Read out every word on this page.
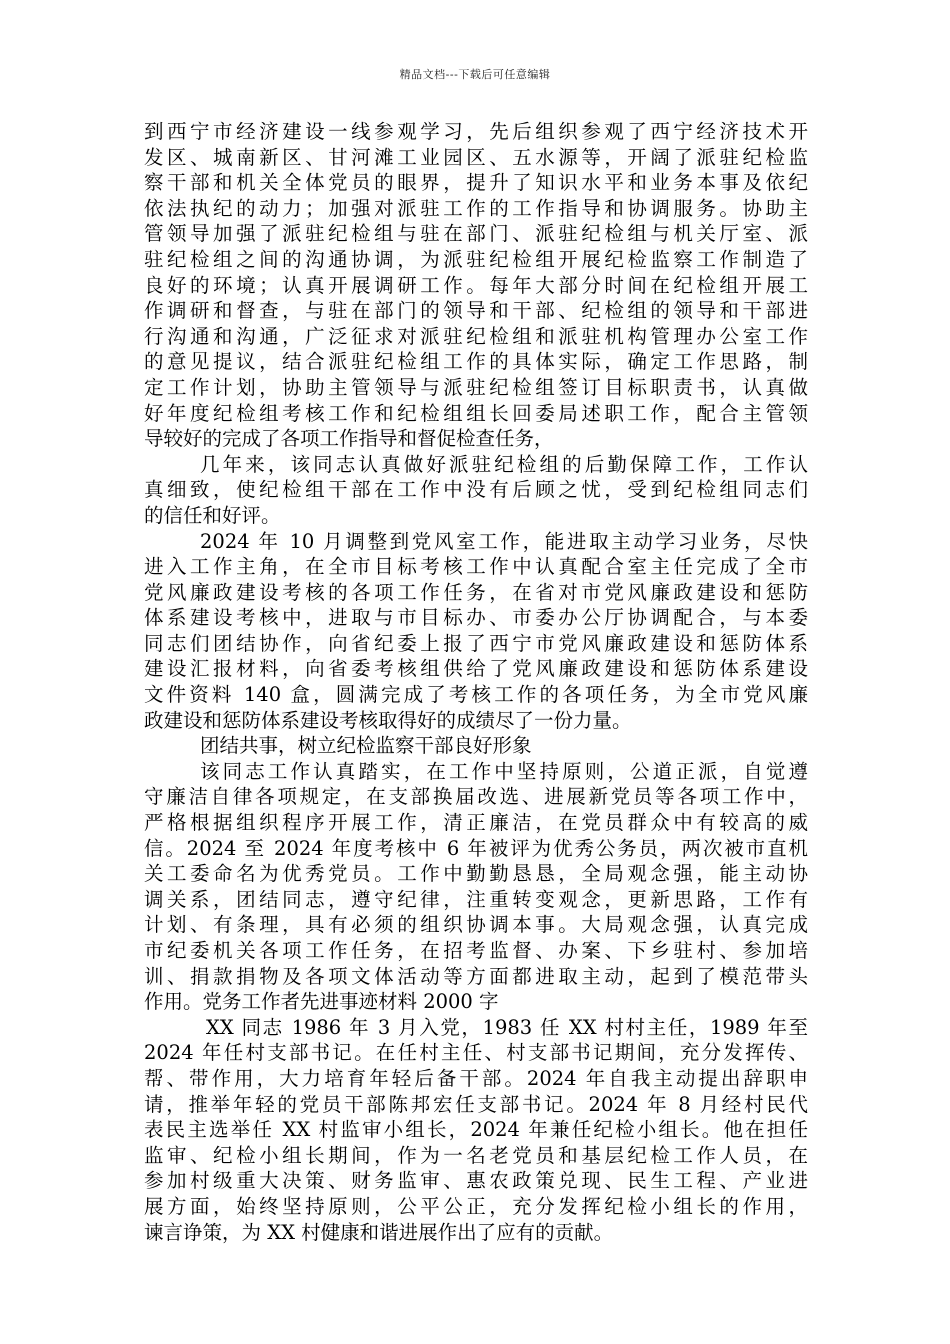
精品文档---下载后可任意编辑
到西宁市经济建设一线参观学习，先后组织参观了西宁经济技术开
发区、城南新区、甘河滩工业园区、五水源等，开阔了派驻纪检监
察干部和机关全体党员的眼界，提升了知识水平和业务本事及依纪
依法执纪的动力；加强对派驻工作的工作指导和协调服务。协助主
管领导加强了派驻纪检组与驻在部门、派驻纪检组与机关厅室、派
驻纪检组之间的沟通协调，为派驻纪检组开展纪检监察工作制造了
良好的环境；认真开展调研工作。每年大部分时间在纪检组开展工
作调研和督查，与驻在部门的领导和干部、纪检组的领导和干部进
行沟通和沟通，广泛征求对派驻纪检组和派驻机构管理办公室工作
的意见提议，结合派驻纪检组工作的具体实际，确定工作思路，制
定工作计划，协助主管领导与派驻纪检组签订目标职责书，认真做
好年度纪检组考核工作和纪检组组长回委局述职工作，配合主管领
导较好的完成了各项工作指导和督促检查任务，
几年来，该同志认真做好派驻纪检组的后勤保障工作，工作认
真细致，使纪检组干部在工作中没有后顾之忧，受到纪检组同志们
的信任和好评。
2024 年 10 月调整到党风室工作，能进取主动学习业务，尽快
进入工作主角，在全市目标考核工作中认真配合室主任完成了全市
党风廉政建设考核的各项工作任务，在省对市党风廉政建设和惩防
体系建设考核中，进取与市目标办、市委办公厅协调配合，与本委
同志们团结协作，向省纪委上报了西宁市党风廉政建设和惩防体系
建设汇报材料，向省委考核组供给了党风廉政建设和惩防体系建设
文件资料 140 盒，圆满完成了考核工作的各项任务，为全市党风廉
政建设和惩防体系建设考核取得好的成绩尽了一份力量。
团结共事，树立纪检监察干部良好形象
该同志工作认真踏实，在工作中坚持原则，公道正派，自觉遵
守廉洁自律各项规定，在支部换届改选、进展新党员等各项工作中，
严格根据组织程序开展工作，清正廉洁，在党员群众中有较高的威
信。2024 至 2024 年度考核中 6 年被评为优秀公务员，两次被市直机
关工委命名为优秀党员。工作中勤勤恳恳，全局观念强，能主动协
调关系，团结同志，遵守纪律，注重转变观念，更新思路，工作有
计划、有条理，具有必须的组织协调本事。大局观念强，认真完成
市纪委机关各项工作任务，在招考监督、办案、下乡驻村、参加培
训、捐款捐物及各项文体活动等方面都进取主动，起到了模范带头
作用。党务工作者先进事迹材料 2000 字
XX 同志 1986 年 3 月入党，1983 任 XX 村村主任，1989 年至
2024 年任村支部书记。在任村主任、村支部书记期间，充分发挥传、
帮、带作用，大力培育年轻后备干部。2024 年自我主动提出辞职申
请，推举年轻的党员干部陈邦宏任支部书记。2024 年 8 月经村民代
表民主选举任 XX 村监审小组长，2024 年兼任纪检小组长。他在担任
监审、纪检小组长期间，作为一名老党员和基层纪检工作人员，在
参加村级重大决策、财务监审、惠农政策兑现、民生工程、产业进
展方面，始终坚持原则，公平公正，充分发挥纪检小组长的作用，
谏言诤策，为 XX 村健康和谐进展作出了应有的贡献。
